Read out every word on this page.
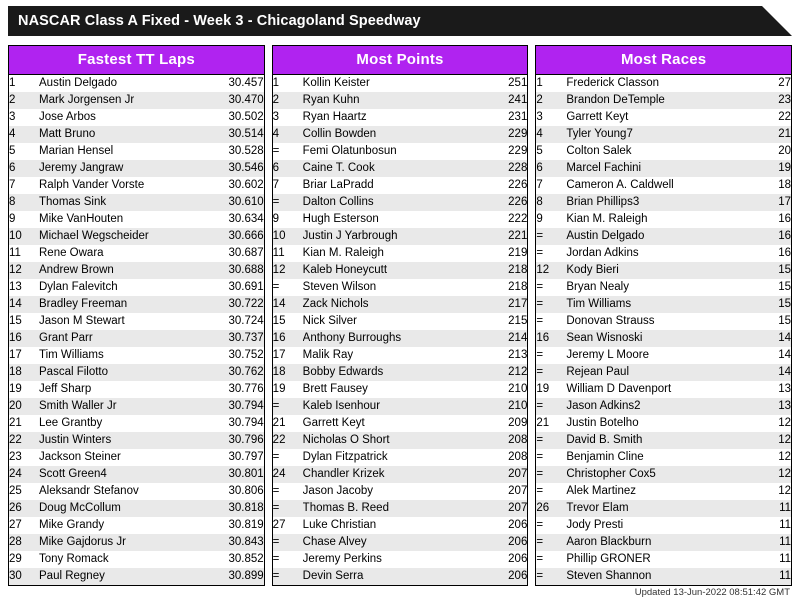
NASCAR Class A Fixed - Week 3 - Chicagoland Speedway
Fastest TT Laps
1	Austin Delgado	30.457
2	Mark Jorgensen Jr	30.470
3	Jose Arbos	30.502
4	Matt Bruno	30.514
5	Marian Hensel	30.528
6	Jeremy Jangraw	30.546
7	Ralph Vander Vorste	30.602
8	Thomas Sink	30.610
9	Mike VanHouten	30.634
10	Michael Wegscheider	30.666
11	Rene Owara	30.687
12	Andrew Brown	30.688
13	Dylan Falevitch	30.691
14	Bradley Freeman	30.722
15	Jason M Stewart	30.724
16	Grant Parr	30.737
17	Tim Williams	30.752
18	Pascal Filotto	30.762
19	Jeff Sharp	30.776
20	Smith Waller Jr	30.794
21	Lee Grantby	30.794
22	Justin Winters	30.796
23	Jackson Steiner	30.797
24	Scott Green4	30.801
25	Aleksandr Stefanov	30.806
26	Doug McCollum	30.818
27	Mike Grandy	30.819
28	Mike Gajdorus Jr	30.843
29	Tony Romack	30.852
30	Paul Regney	30.899
Most Points
1	Kollin Keister	251
2	Ryan Kuhn	241
3	Ryan Haartz	231
4	Collin Bowden	229
=	Femi Olatunbosun	229
6	Caine T. Cook	228
7	Briar LaPradd	226
=	Dalton Collins	226
9	Hugh Esterson	222
10	Justin J Yarbrough	221
11	Kian M. Raleigh	219
12	Kaleb Honeycutt	218
=	Steven Wilson	218
14	Zack Nichols	217
15	Nick Silver	215
16	Anthony Burroughs	214
17	Malik Ray	213
18	Bobby Edwards	212
19	Brett Fausey	210
=	Kaleb Isenhour	210
21	Garrett Keyt	209
22	Nicholas O Short	208
=	Dylan Fitzpatrick	208
24	Chandler Krizek	207
=	Jason Jacoby	207
=	Thomas B. Reed	207
27	Luke Christian	206
=	Chase Alvey	206
=	Jeremy Perkins	206
=	Devin Serra	206
Most Races
1	Frederick Classon	27
2	Brandon DeTemple	23
3	Garrett Keyt	22
4	Tyler Young7	21
5	Colton Salek	20
6	Marcel Fachini	19
7	Cameron A. Caldwell	18
8	Brian Phillips3	17
9	Kian M. Raleigh	16
=	Austin Delgado	16
=	Jordan Adkins	16
12	Kody Bieri	15
=	Bryan Nealy	15
=	Tim Williams	15
=	Donovan Strauss	15
16	Sean Wisnoski	14
=	Jeremy L Moore	14
=	Rejean Paul	14
19	William D Davenport	13
=	Jason Adkins2	13
21	Justin Botelho	12
=	David B. Smith	12
=	Benjamin Cline	12
=	Christopher Cox5	12
=	Alek Martinez	12
26	Trevor Elam	11
=	Jody Presti	11
=	Aaron Blackburn	11
=	Phillip GRONER	11
=	Steven Shannon	11
Updated 13-Jun-2022 08:51:42 GMT
